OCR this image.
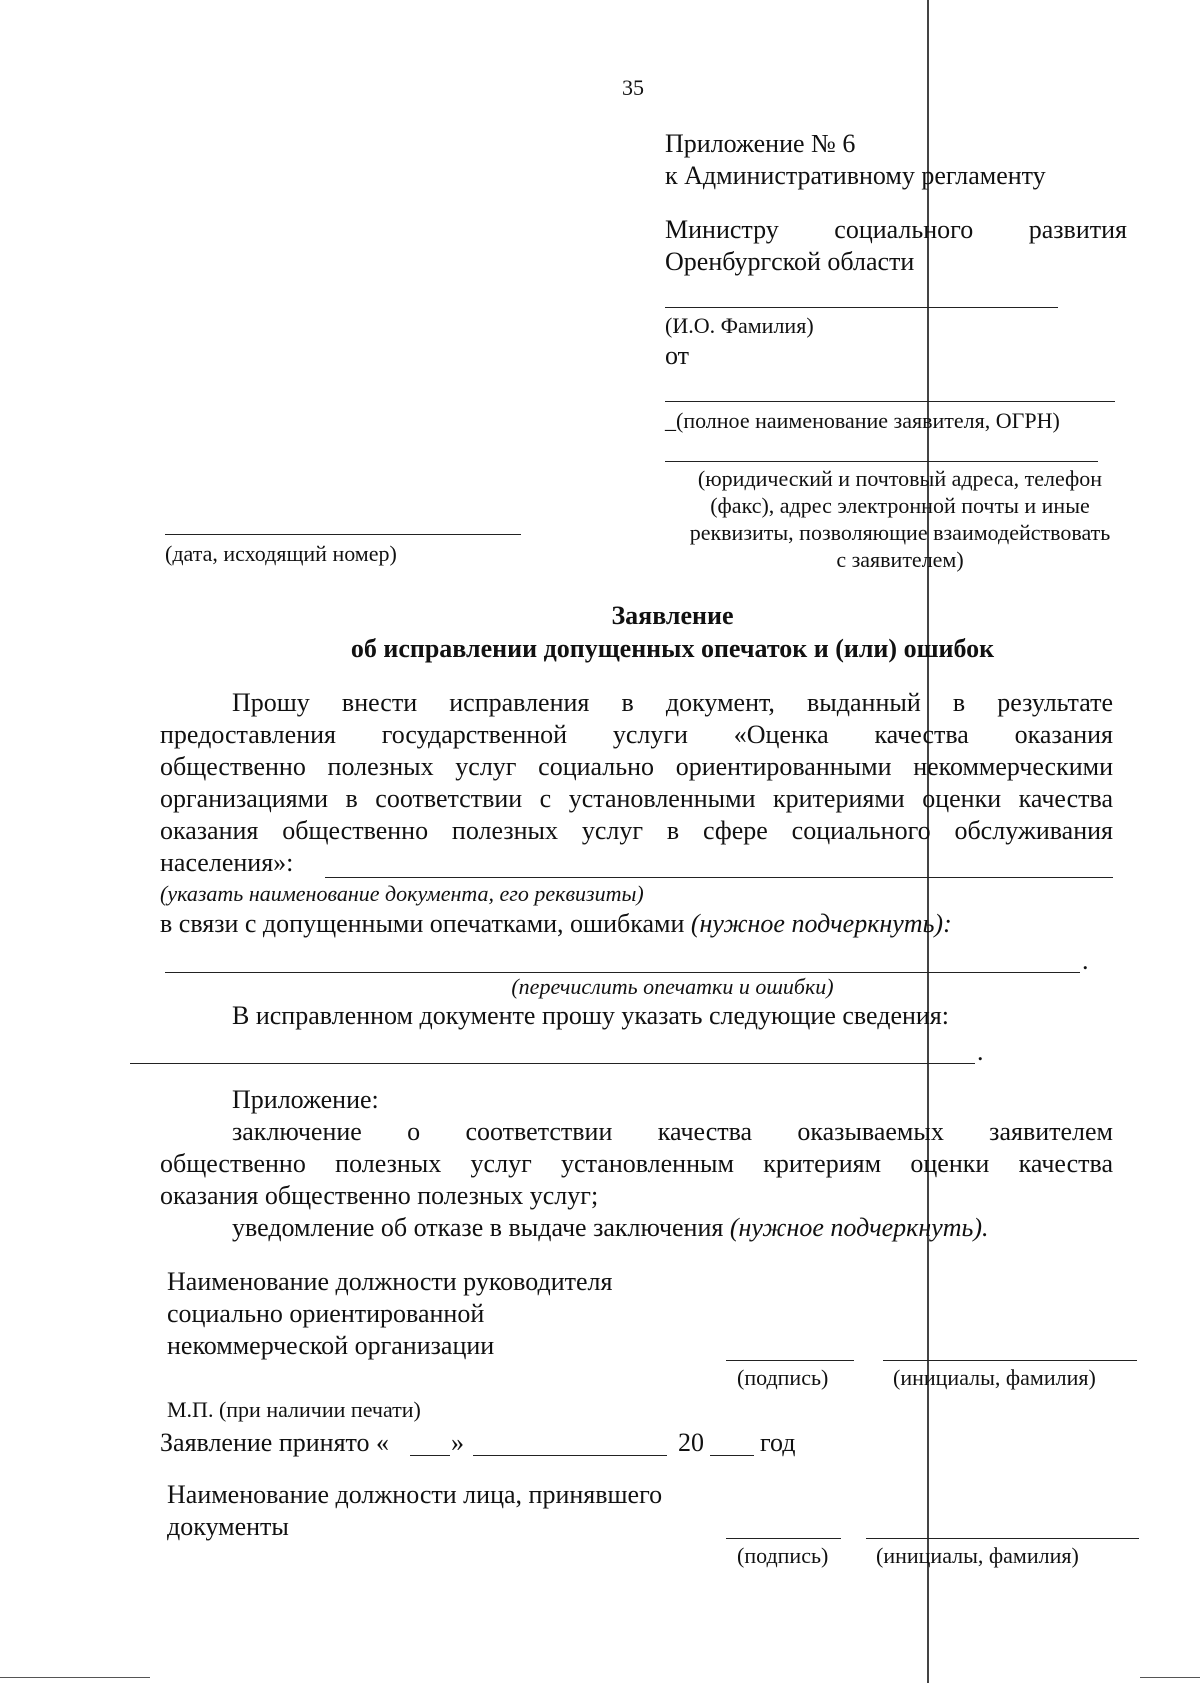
35
Приложение № 6
к Административному регламенту
Министру социального развития
Оренбургской области
(И.О. Фамилия)
от
_(полное наименование заявителя, ОГРН)
(юридический и почтовый адреса, телефон
(факс), адрес электронной почты и иные
реквизиты, позволяющие взаимодействовать
с заявителем)
(дата, исходящий номер)
Заявление
об исправлении допущенных опечаток и (или) ошибок
Прошу внести исправления в документ, выданный в результате
предоставления государственной услуги «Оценка качества оказания
общественно полезных услуг социально ориентированными некоммерческими
организациями в соответствии с установленными критериями оценки качества
оказания общественно полезных услуг в сфере социального обслуживания
населения»:
(указать наименование документа, его реквизиты)
в связи с допущенными опечатками, ошибками (нужное подчеркнуть):
.
(перечислить опечатки и ошибки)
В исправленном документе прошу указать следующие сведения:
.
Приложение:
заключение о соответствии качества оказываемых заявителем
общественно полезных услуг установленным критериям оценки качества
оказания общественно полезных услуг;
уведомление об отказе в выдаче заключения (нужное подчеркнуть).
Наименование должности руководителя
социально ориентированной
некоммерческой организации
(подпись)	(инициалы, фамилия)
М.П. (при наличии печати)
Заявление принято « »	20 год
Наименование должности лица, принявшего
документы
(подпись) (инициалы, фамилия)
